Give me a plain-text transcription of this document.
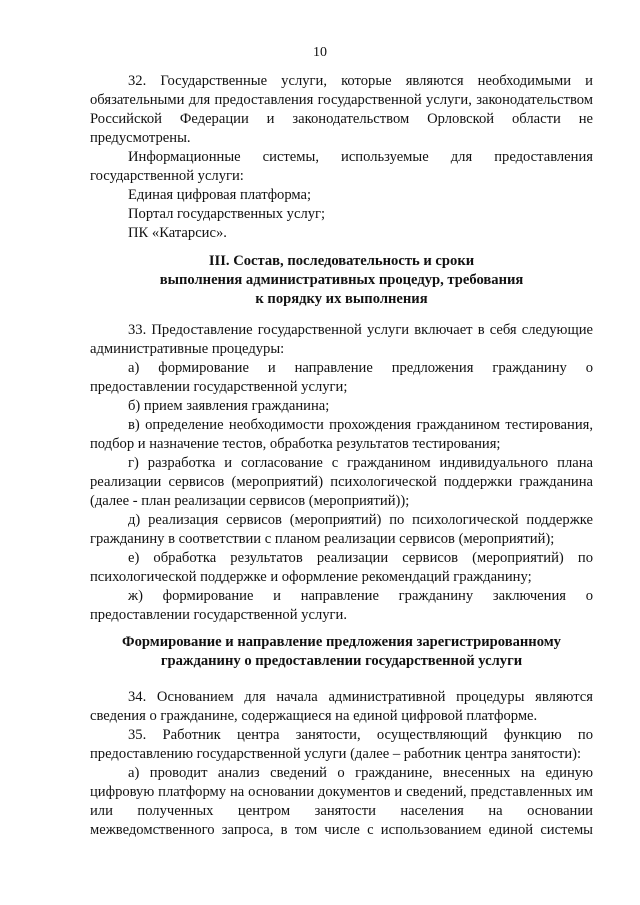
10

32. Государственные услуги, которые являются необходимыми и обязательными для предоставления государственной услуги, законодательством Российской Федерации и законодательством Орловской области не предусмотрены.

Информационные системы, используемые для предоставления государственной услуги:

Единая цифровая платформа;

Портал государственных услуг;

ПК «Катарсис».

III. Состав, последовательность и сроки
выполнения административных процедур, требования
к порядку их выполнения

33. Предоставление государственной услуги включает в себя следующие административные процедуры:

а) формирование и направление предложения гражданину о предоставлении государственной услуги;

б) прием заявления гражданина;

в) определение необходимости прохождения гражданином тестирования, подбор и назначение тестов, обработка результатов тестирования;

г) разработка и согласование с гражданином индивидуального плана реализации сервисов (мероприятий) психологической поддержки гражданина (далее - план реализации сервисов (мероприятий));

д) реализация сервисов (мероприятий) по психологической поддержке гражданину в соответствии с планом реализации сервисов (мероприятий);

е) обработка результатов реализации сервисов (мероприятий) по психологической поддержке и оформление рекомендаций гражданину;

ж) формирование и направление гражданину заключения о предоставлении государственной услуги.

Формирование и направление предложения зарегистрированному
гражданину о предоставлении государственной услуги

34. Основанием для начала административной процедуры являются сведения о гражданине, содержащиеся на единой цифровой платформе.

35. Работник центра занятости, осуществляющий функцию по предоставлению государственной услуги (далее – работник центра занятости):

а) проводит анализ сведений о гражданине, внесенных на единую цифровую платформу на основании документов и сведений, представленных им или полученных центром занятости населения на основании межведомственного запроса, в том числе с использованием единой системы
